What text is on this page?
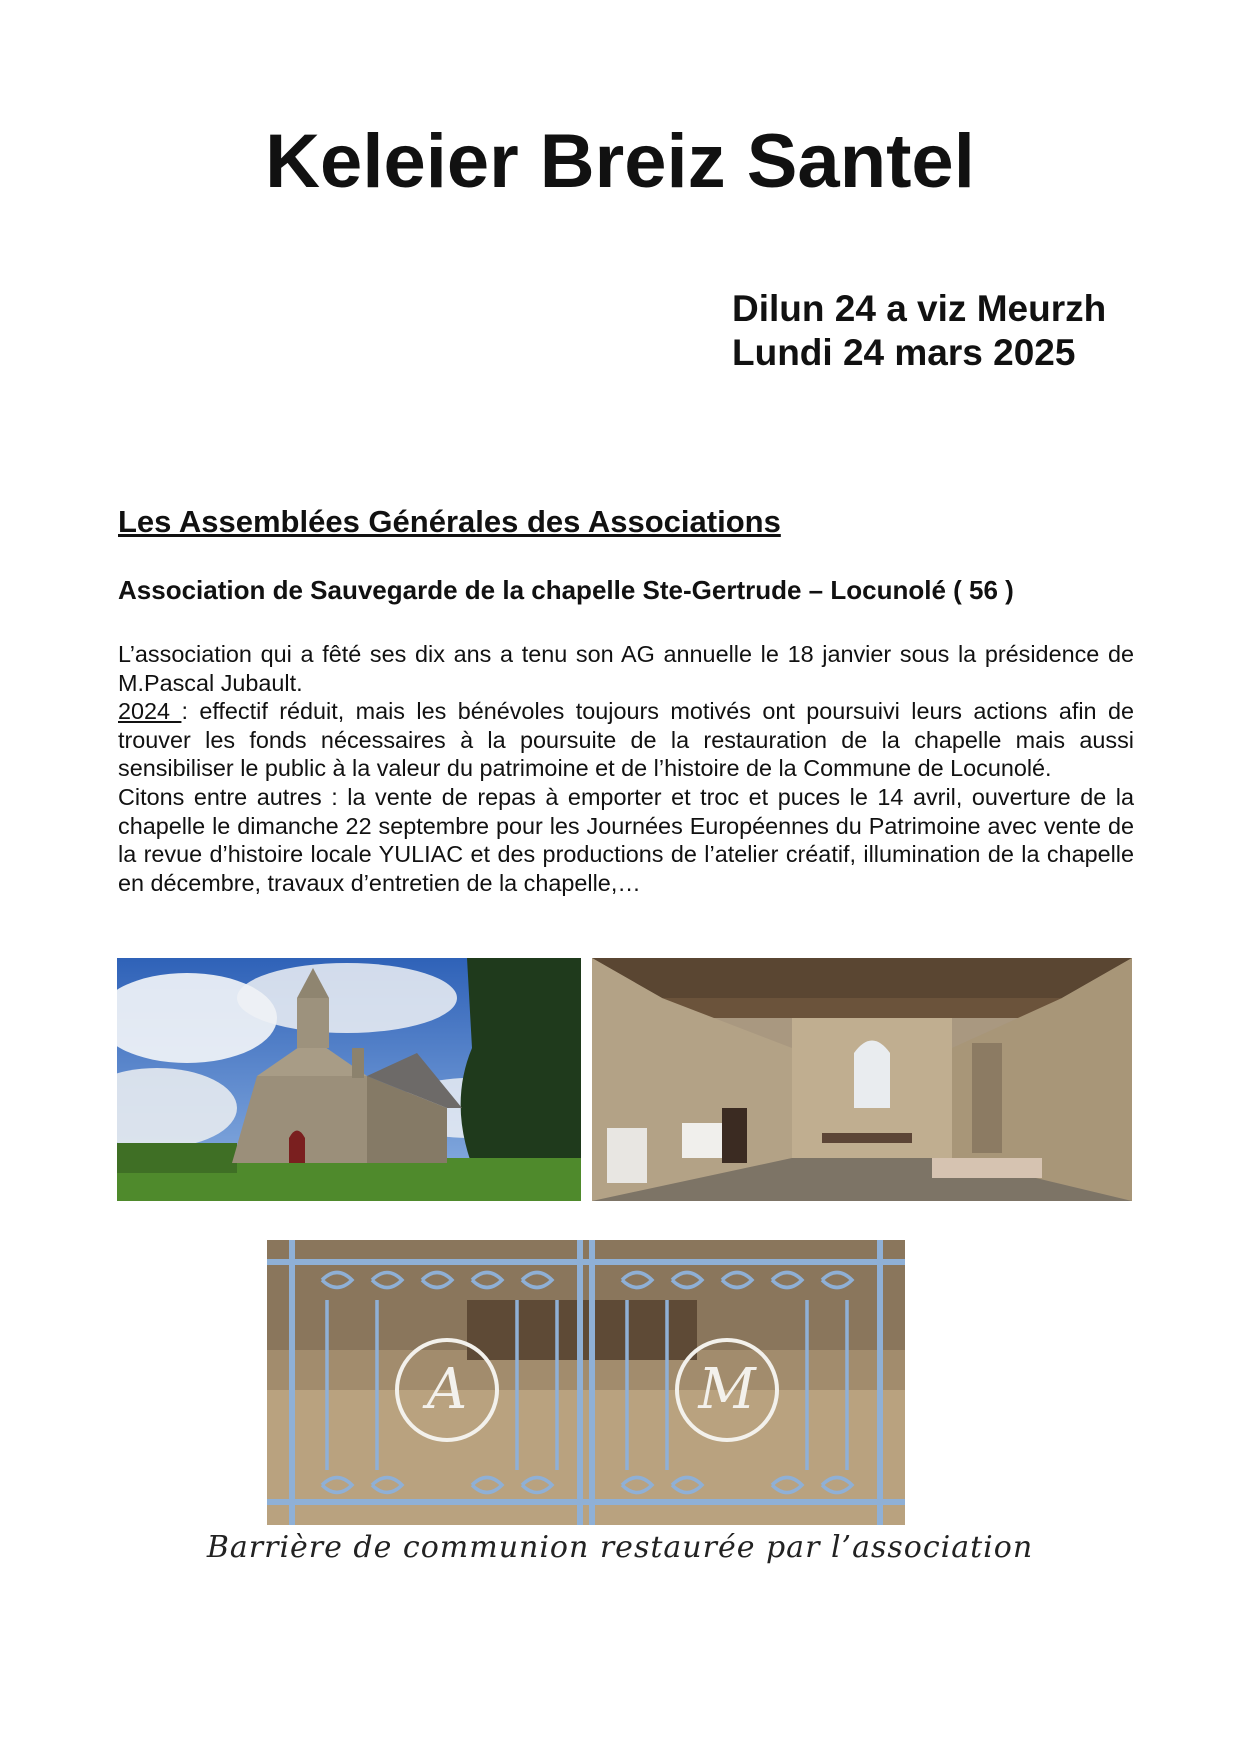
Keleier Breiz Santel
Dilun 24 a viz Meurzh
Lundi 24 mars 2025
Les Assemblées Générales des Associations
Association de Sauvegarde de la chapelle Ste-Gertrude – Locunolé ( 56 )

L’association qui a fêté ses dix ans a tenu son AG annuelle le 18 janvier sous la présidence de M.Pascal Jubault.

2024 : effectif réduit, mais les bénévoles toujours motivés ont poursuivi leurs actions afin de trouver les fonds nécessaires à la poursuite de la restauration de la chapelle mais aussi sensibiliser le public à la valeur du patrimoine et de l’histoire de la Commune de Locunolé.

Citons entre autres : la vente de repas à emporter et troc et puces le 14 avril, ouverture de la chapelle le dimanche 22 septembre pour les Journées Européennes du Patrimoine avec vente de la revue d’histoire locale YULIAC et des productions de l’atelier créatif, illumination de la chapelle en décembre, travaux d’entretien de la chapelle,…

A	M
Barrière de communion restaurée par l’association
